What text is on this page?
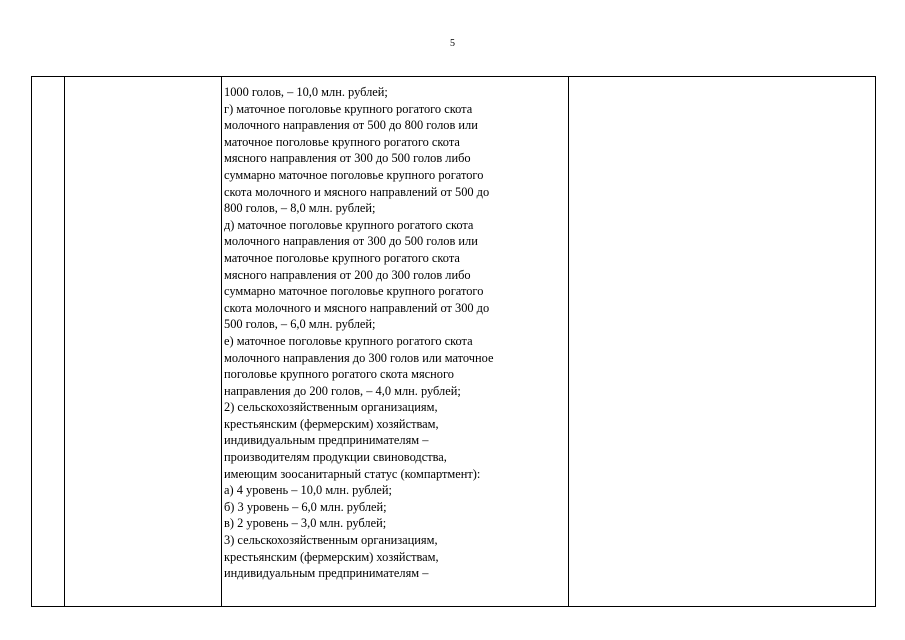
5
1000 голов, – 10,0 млн. рублей;
г) маточное поголовье крупного рогатого скота
молочного направления от 500 до 800 голов или
маточное поголовье крупного рогатого скота
мясного направления от 300 до 500 голов либо
суммарно маточное поголовье крупного рогатого
скота молочного и мясного направлений от 500 до
800 голов, – 8,0 млн. рублей;
д) маточное поголовье крупного рогатого скота
молочного направления от 300 до 500 голов или
маточное поголовье крупного рогатого скота
мясного направления от 200 до 300 голов либо
суммарно маточное поголовье крупного рогатого
скота молочного и мясного направлений от 300 до
500 голов, – 6,0 млн. рублей;
е) маточное поголовье крупного рогатого скота
молочного направления до 300 голов или маточное
поголовье крупного рогатого скота мясного
направления до 200 голов, – 4,0 млн. рублей;
2) сельскохозяйственным организациям,
крестьянским (фермерским) хозяйствам,
индивидуальным предпринимателям –
производителям продукции свиноводства,
имеющим зоосанитарный статус (компартмент):
а) 4 уровень – 10,0 млн. рублей;
б) 3 уровень – 6,0 млн. рублей;
в) 2 уровень – 3,0 млн. рублей;
3) сельскохозяйственным организациям,
крестьянским (фермерским) хозяйствам,
индивидуальным предпринимателям –
